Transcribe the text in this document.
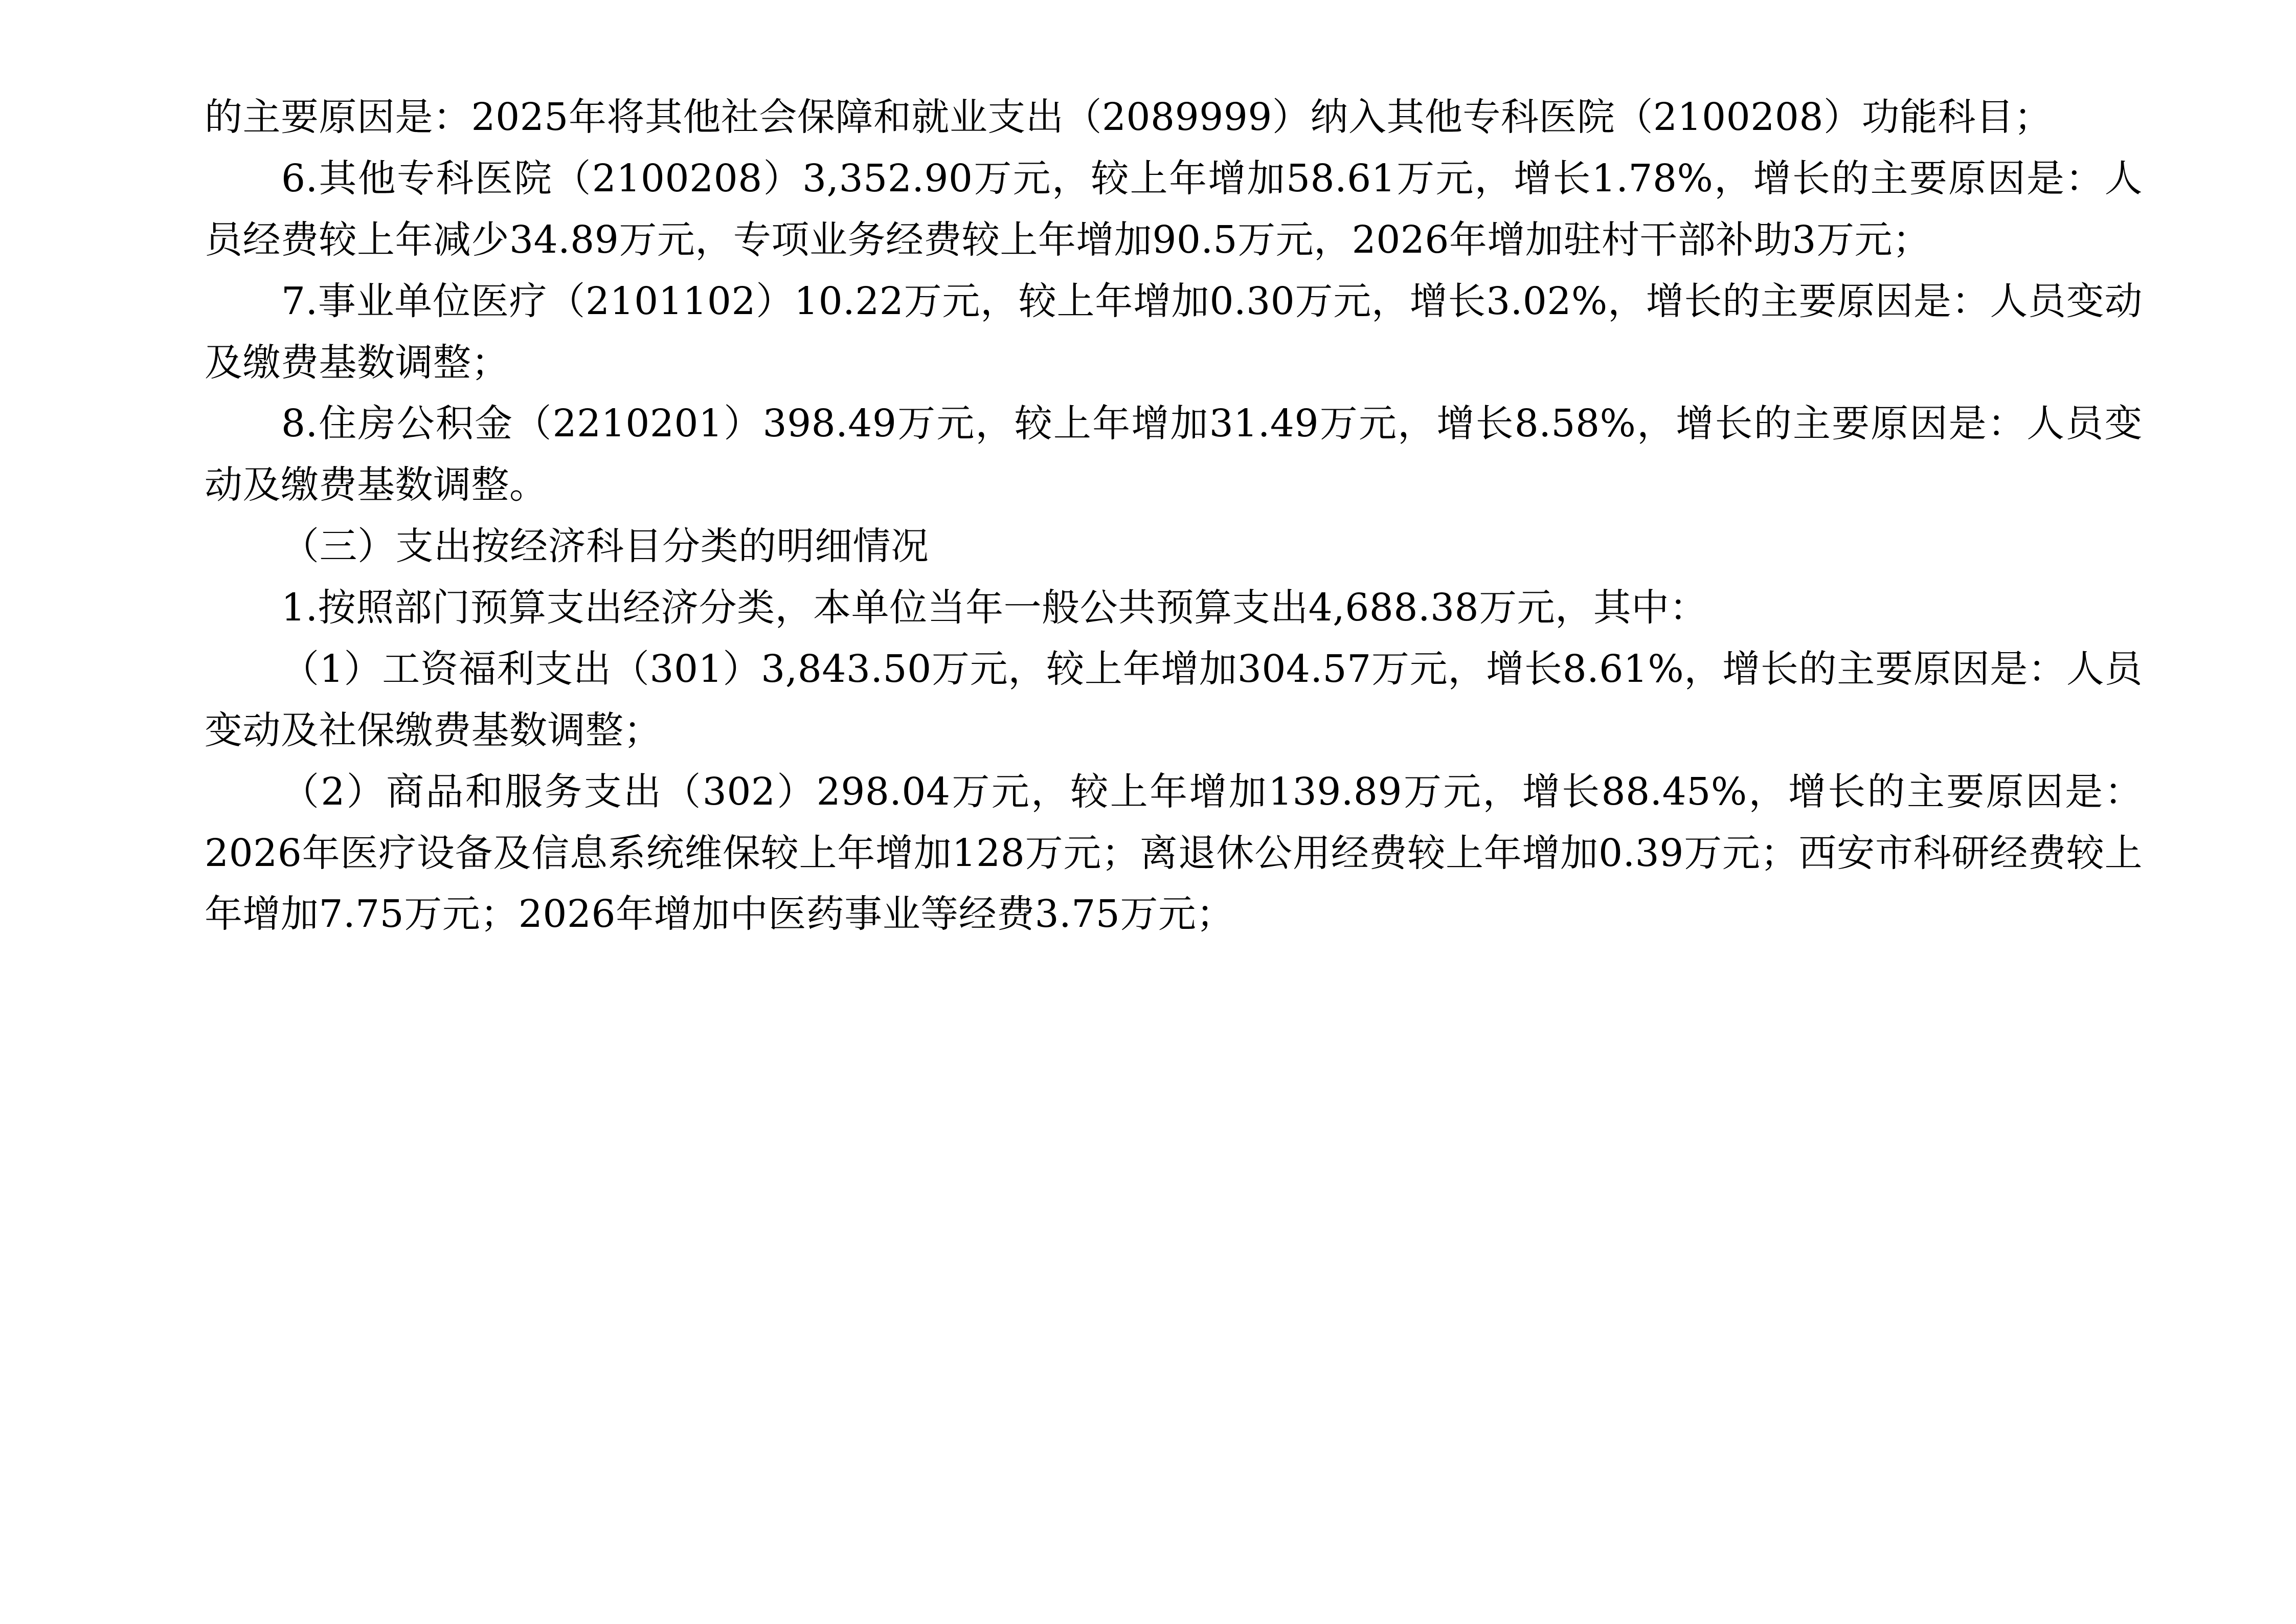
的主要原因是：2025年将其他社会保障和就业支出（2089999）纳入其他专科医院（2100208）功能科目；

6.其他专科医院（2100208）3,352.90万元，较上年增加58.61万元，增长1.78%，增长的主要原因是：人员经费较上年减少34.89万元，专项业务经费较上年增加90.5万元，2026年增加驻村干部补助3万元；

7.事业单位医疗（2101102）10.22万元，较上年增加0.30万元，增长3.02%，增长的主要原因是：人员变动及缴费基数调整；

8.住房公积金（2210201）398.49万元，较上年增加31.49万元，增长8.58%，增长的主要原因是：人员变动及缴费基数调整。

（三）支出按经济科目分类的明细情况

1.按照部门预算支出经济分类，本单位当年一般公共预算支出4,688.38万元，其中：

（1）工资福利支出（301）3,843.50万元，较上年增加304.57万元，增长8.61%，增长的主要原因是：人员变动及社保缴费基数调整；

（2）商品和服务支出（302）298.04万元，较上年增加139.89万元，增长88.45%，增长的主要原因是：2026年医疗设备及信息系统维保较上年增加128万元；离退休公用经费较上年增加0.39万元；西安市科研经费较上年增加7.75万元；2026年增加中医药事业等经费3.75万元；
